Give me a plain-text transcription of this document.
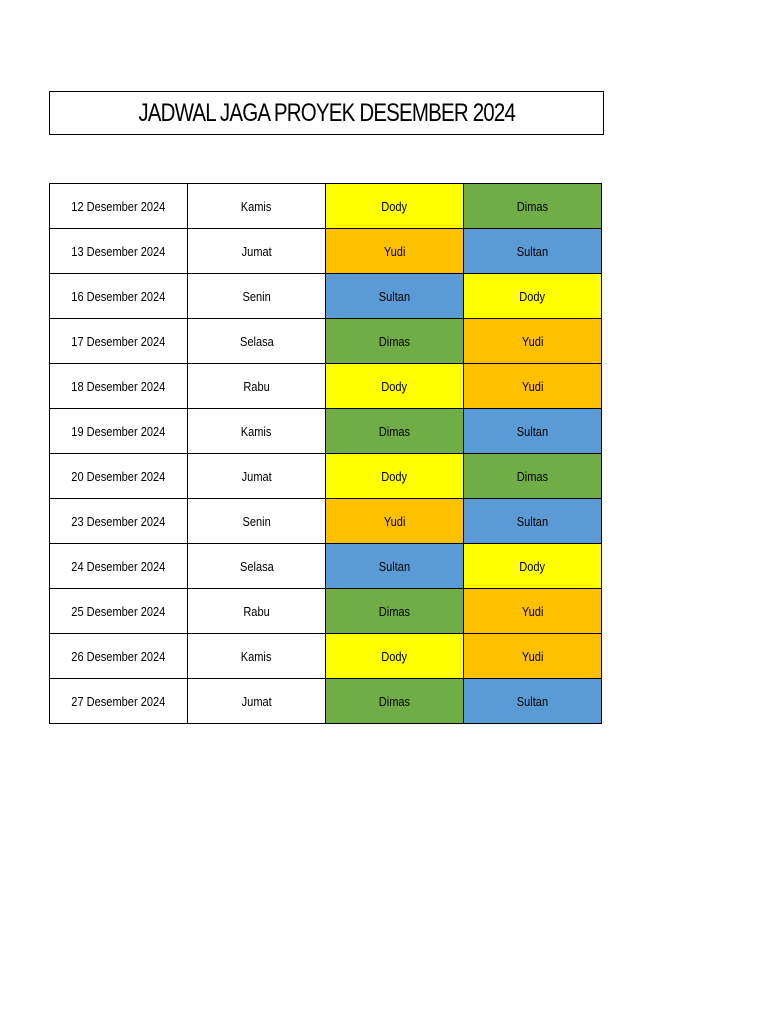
JADWAL JAGA PROYEK DESEMBER 2024
12 Desember 2024	Kamis	Dody	Dimas
13 Desember 2024	Jumat	Yudi	Sultan
16 Desember 2024	Senin	Sultan	Dody
17 Desember 2024	Selasa	Dimas	Yudi
18 Desember 2024	Rabu	Dody	Yudi
19 Desember 2024	Kamis	Dimas	Sultan
20 Desember 2024	Jumat	Dody	Dimas
23 Desember 2024	Senin	Yudi	Sultan
24 Desember 2024	Selasa	Sultan	Dody
25 Desember 2024	Rabu	Dimas	Yudi
26 Desember 2024	Kamis	Dody	Yudi
27 Desember 2024	Jumat	Dimas	Sultan
